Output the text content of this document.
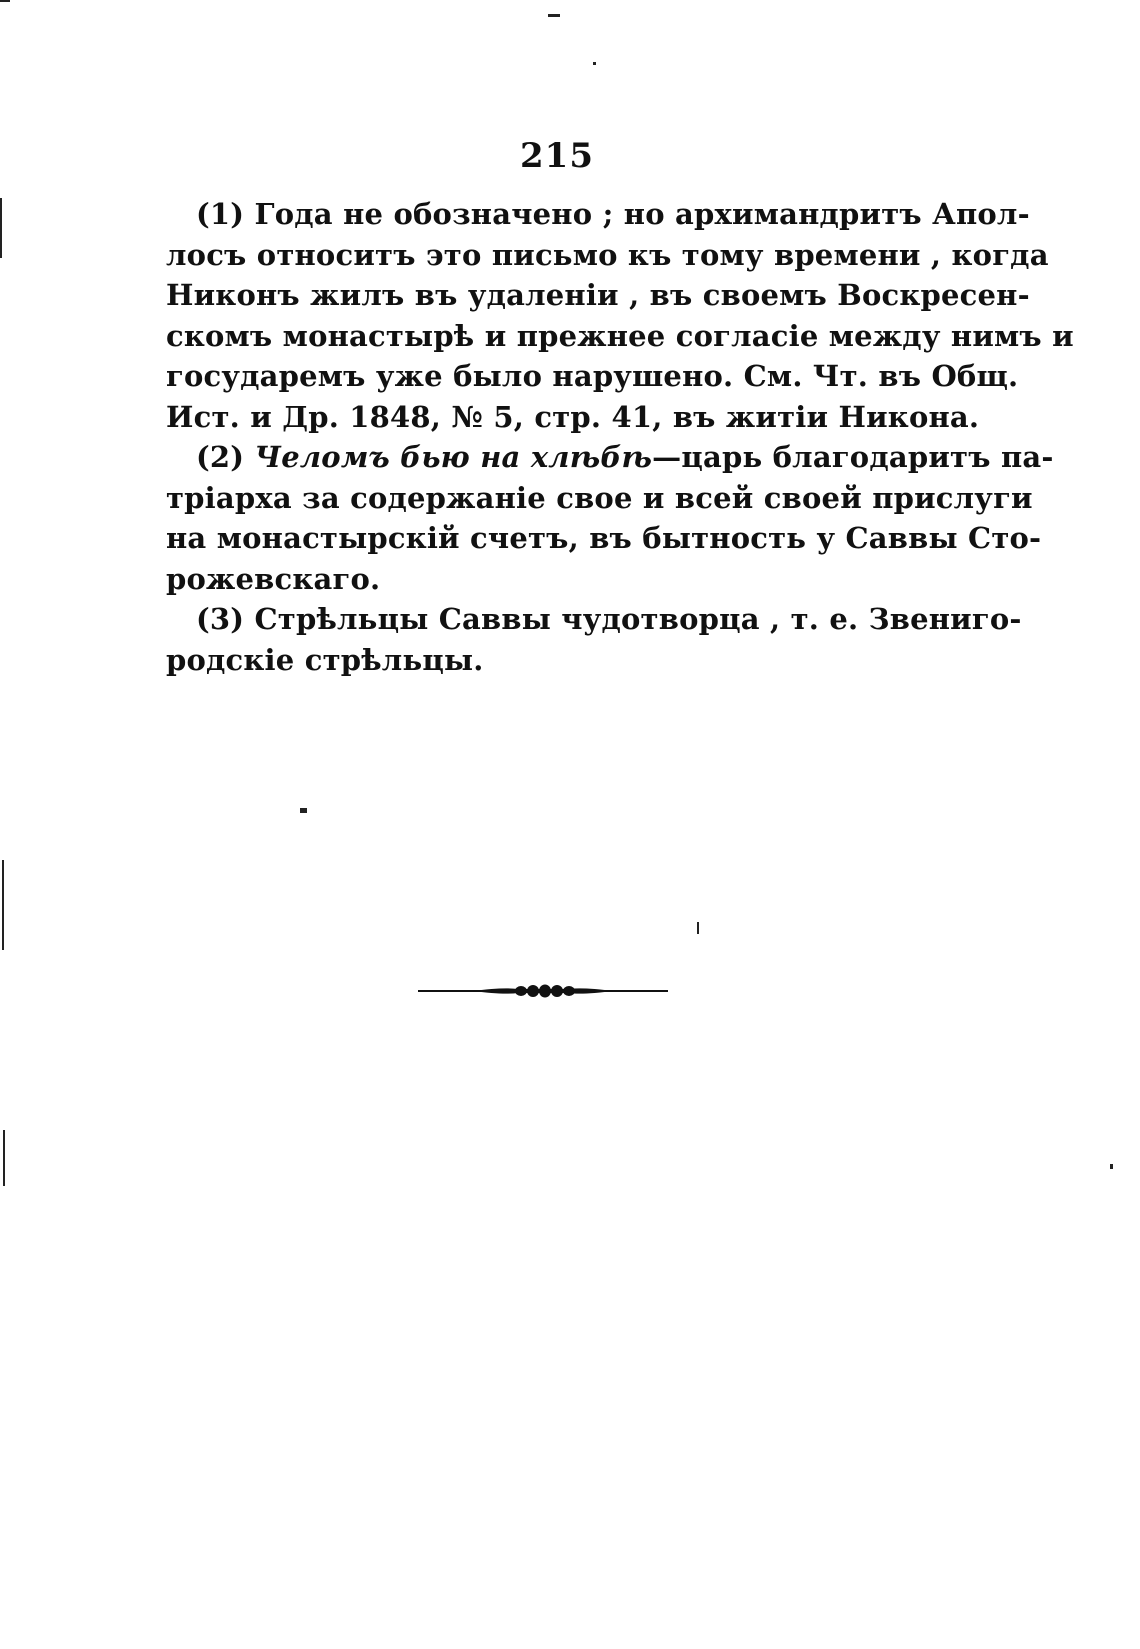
215
(1) Года не обозначено ; но архимандритъ Апол-
лосъ относитъ это письмо къ тому времени , когда
Никонъ жилъ въ удаленіи , въ своемъ Воскресен-
скомъ монастырѣ и прежнее согласіе между нимъ и
государемъ уже было нарушено. См. Чт. въ Общ.
Ист. и Др. 1848, № 5, стр. 41, въ житіи Никона.
(2) Челомъ бью на хлѣбѣ—царь благодаритъ па-
тріарха за содержаніе свое и всей своей прислуги
на монастырскій счетъ, въ бытность у Саввы Сто-
рожевскаго.
(3) Стрѣльцы Саввы чудотворца , т. е. Звениго-
родскіе стрѣльцы.
